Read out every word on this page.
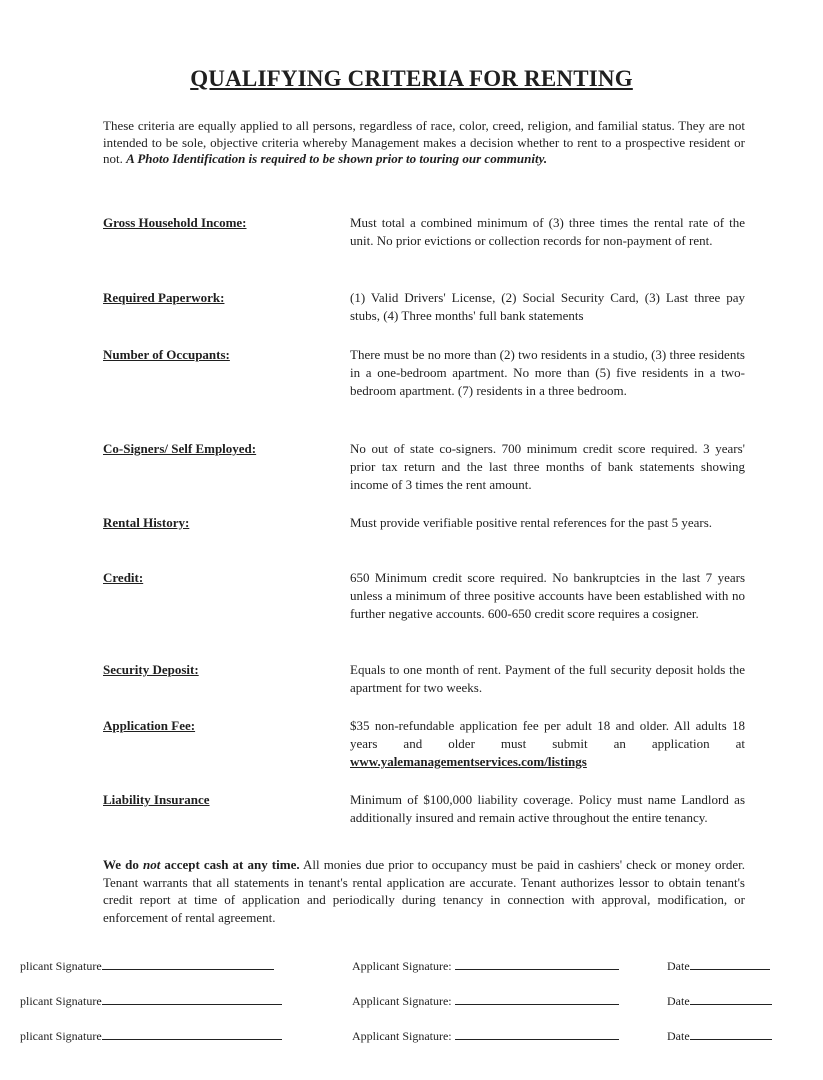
QUALIFYING CRITERIA FOR RENTING
These criteria are equally applied to all persons, regardless of race, color, creed, religion, and familial status. They are not intended to be sole, objective criteria whereby Management makes a decision whether to rent to a prospective resident or not. A Photo Identification is required to be shown prior to touring our community.
Gross Household Income:	Must total a combined minimum of (3) three times the rental rate of the unit. No prior evictions or collection records for non-payment of rent.
Required Paperwork:	(1) Valid Drivers' License, (2) Social Security Card, (3) Last three pay stubs, (4) Three months' full bank statements
Number of Occupants:	There must be no more than (2) two residents in a studio, (3) three residents in a one-bedroom apartment. No more than (5) five residents in a two-bedroom apartment. (7) residents in a three bedroom.
Co-Signers/ Self Employed:	No out of state co-signers. 700 minimum credit score required. 3 years' prior tax return and the last three months of bank statements showing income of 3 times the rent amount.
Rental History:	Must provide verifiable positive rental references for the past 5 years.
Credit:	650 Minimum credit score required. No bankruptcies in the last 7 years unless a minimum of three positive accounts have been established with no further negative accounts. 600-650 credit score requires a cosigner.
Security Deposit:	Equals to one month of rent. Payment of the full security deposit holds the apartment for two weeks.
Application Fee:	$35 non-refundable application fee per adult 18 and older. All adults 18 years and older must submit an application at www.yalemanagementservices.com/listings
Liability Insurance	Minimum of $100,000 liability coverage. Policy must name Landlord as additionally insured and remain active throughout the entire tenancy.
We do not accept cash at any time. All monies due prior to occupancy must be paid in cashiers' check or money order. Tenant warrants that all statements in tenant's rental application are accurate. Tenant authorizes lessor to obtain tenant's credit report at time of application and periodically during tenancy in connection with approval, modification, or enforcement of rental agreement.
plicant Signature	Applicant Signature:	Date
plicant Signature	Applicant Signature:	Date
plicant Signature	Applicant Signature:	Date
